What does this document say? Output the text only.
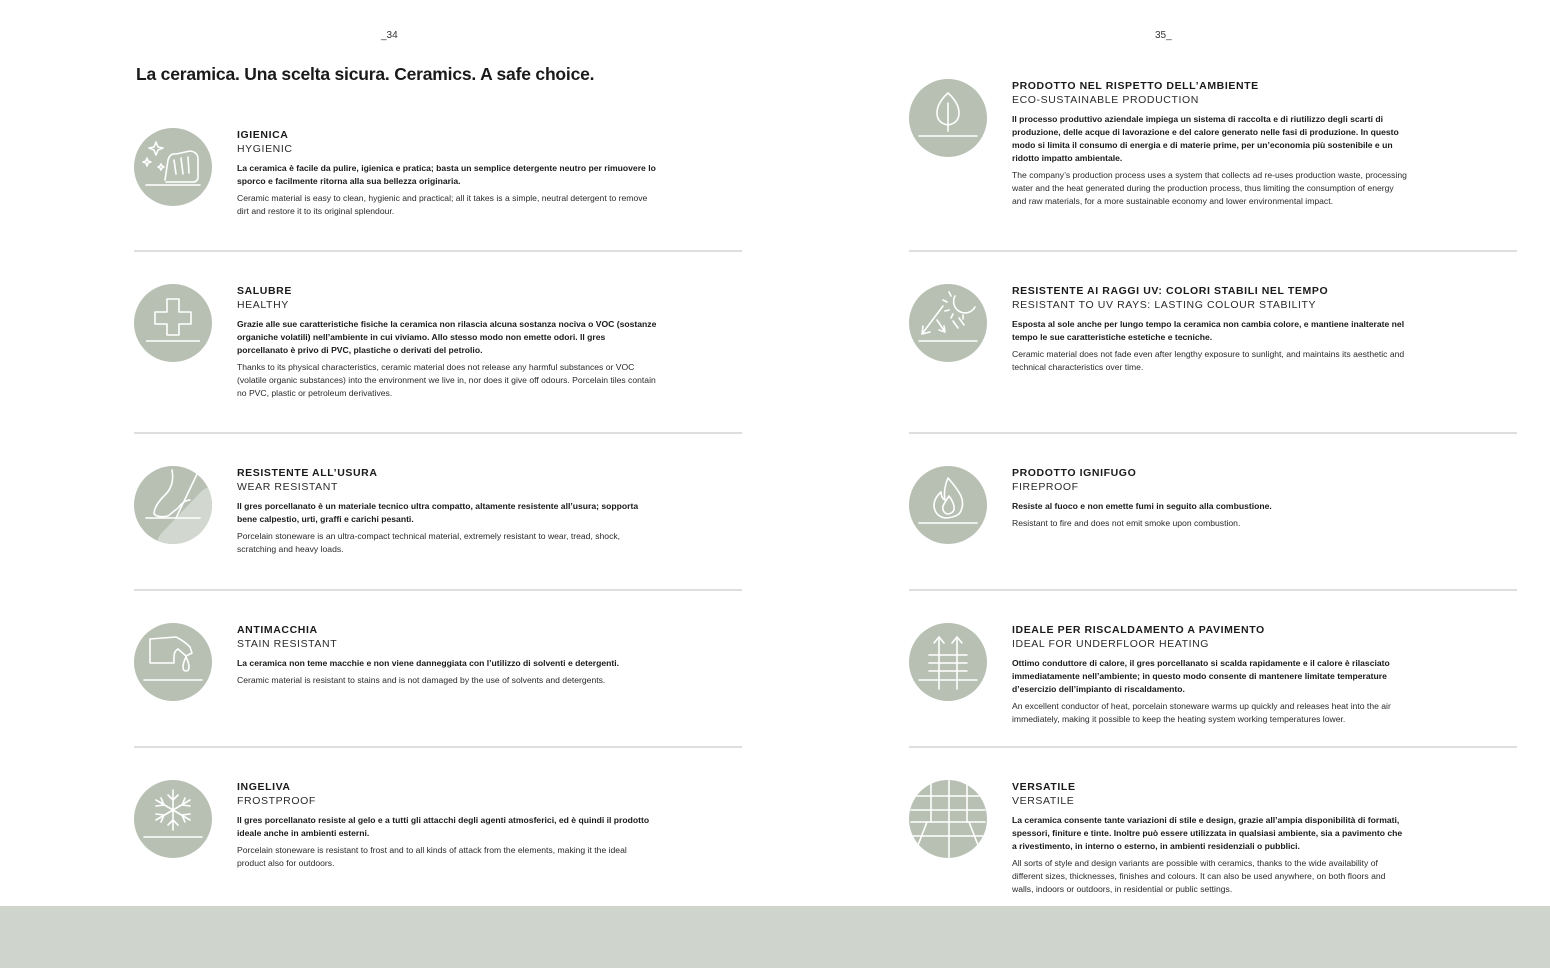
_34	35_
La ceramica. Una scelta sicura. Ceramics. A safe choice.
IGIENICA
HYGIENIC
La ceramica è facile da pulire, igienica e pratica; basta un semplice detergente neutro per rimuovere lo sporco e facilmente ritorna alla sua bellezza originaria.
Ceramic material is easy to clean, hygienic and practical; all it takes is a simple, neutral detergent to remove dirt and restore it to its original splendour.
SALUBRE
HEALTHY
Grazie alle sue caratteristiche fisiche la ceramica non rilascia alcuna sostanza nociva o VOC (sostanze organiche volatili) nell’ambiente in cui viviamo. Allo stesso modo non emette odori. Il gres porcellanato è privo di PVC, plastiche o derivati del petrolio.
Thanks to its physical characteristics, ceramic material does not release any harmful substances or VOC (volatile organic substances) into the environment we live in, nor does it give off odours. Porcelain tiles contain no PVC, plastic or petroleum derivatives.
RESISTENTE ALL’USURA
WEAR RESISTANT
Il gres porcellanato è un materiale tecnico ultra compatto, altamente resistente all’usura; sopporta bene calpestio, urti, graffi e carichi pesanti.
Porcelain stoneware is an ultra-compact technical material, extremely resistant to wear, tread, shock, scratching and heavy loads.
ANTIMACCHIA
STAIN RESISTANT
La ceramica non teme macchie e non viene danneggiata con l’utilizzo di solventi e detergenti.
Ceramic material is resistant to stains and is not damaged by the use of solvents and detergents.
INGELIVA
FROSTPROOF
Il gres porcellanato resiste al gelo e a tutti gli attacchi degli agenti atmosferici, ed è quindi il prodotto ideale anche in ambienti esterni.
Porcelain stoneware is resistant to frost and to all kinds of attack from the elements, making it the ideal product also for outdoors.
PRODOTTO NEL RISPETTO DELL’AMBIENTE
ECO-SUSTAINABLE PRODUCTION
Il processo produttivo aziendale impiega un sistema di raccolta e di riutilizzo degli scarti di produzione, delle acque di lavorazione e del calore generato nelle fasi di produzione. In questo modo si limita il consumo di energia e di materie prime, per un’economia più sostenibile e un ridotto impatto ambientale.
The company’s production process uses a system that collects ad re-uses production waste, processing water and the heat generated during the production process, thus limiting the consumption of energy and raw materials, for a more sustainable economy and lower environmental impact.
RESISTENTE AI RAGGI UV: COLORI STABILI NEL TEMPO
RESISTANT TO UV RAYS: LASTING COLOUR STABILITY
Esposta al sole anche per lungo tempo la ceramica non cambia colore, e mantiene inalterate nel tempo le sue caratteristiche estetiche e tecniche.
Ceramic material does not fade even after lengthy exposure to sunlight, and maintains its aesthetic and technical characteristics over time.
PRODOTTO IGNIFUGO
FIREPROOF
Resiste al fuoco e non emette fumi in seguito alla combustione.
Resistant to fire and does not emit smoke upon combustion.
IDEALE PER RISCALDAMENTO A PAVIMENTO
IDEAL FOR UNDERFLOOR HEATING
Ottimo conduttore di calore, il gres porcellanato si scalda rapidamente e il calore è rilasciato immediatamente nell’ambiente; in questo modo consente di mantenere limitate temperature d’esercizio dell’impianto di riscaldamento.
An excellent conductor of heat, porcelain stoneware warms up quickly and releases heat into the air immediately, making it possible to keep the heating system working temperatures lower.
VERSATILE
VERSATILE
La ceramica consente tante variazioni di stile e design, grazie all’ampia disponibilità di formati, spessori, finiture e tinte. Inoltre può essere utilizzata in qualsiasi ambiente, sia a pavimento che a rivestimento, in interno o esterno, in ambienti residenziali o pubblici.
All sorts of style and design variants are possible with ceramics, thanks to the wide availability of different sizes, thicknesses, finishes and colours. It can also be used anywhere, on both floors and walls, indoors or outdoors, in residential or public settings.
